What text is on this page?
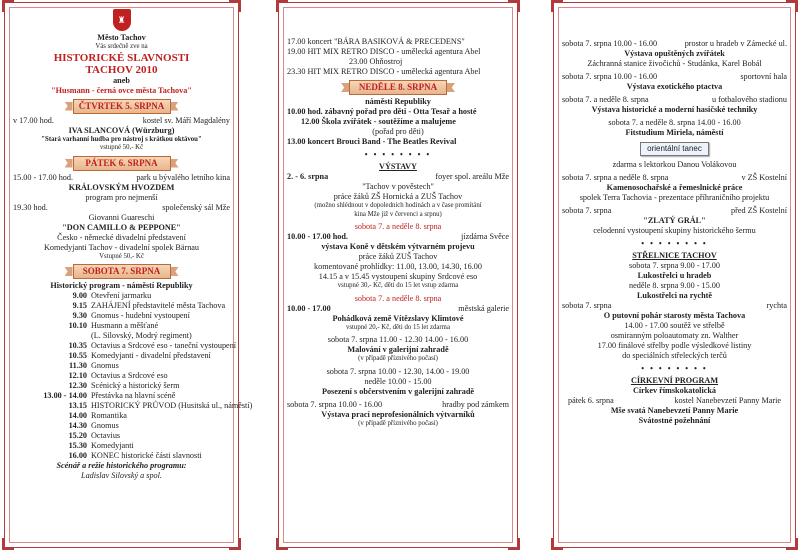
♜
Město Tachov
Vás srdečně zve na
HISTORICKÉ SLAVNOSTI
TACHOV 2010
aneb
"Husmann - černá ovce města Tachova"
ČTVRTEK 5. SRPNA
v 17.00 hod.	kostel sv. Máří Magdalény
IVA SLANCOVÁ (Würzburg)
"Stará varhanní hudba pro nástroj s krátkou oktávou"
vstupné 50,- Kč
PÁTEK 6. SRPNA
15.00 - 17.00 hod.	park u bývalého letního kina
KRÁLOVSKÝM HVOZDEM
program pro nejmenší
19.30 hod.	společenský sál Mže
Giovanni Guareschi
"DON CAMILLO & PEPPONE"
Česko - německé divadelní představení
Komedyjanti Tachov - divadelní spolek Bärnau
Vstupné 50,- Kč
SOBOTA 7. SRPNA
Historický program - náměstí Republiky
9.00 Otevření jarmarku
9.15 ZAHÁJENÍ představitelé města Tachova
9.30 Gnomus - hudební vystoupení
10.10 Husmann a měšťané
(L. Silovský, Modrý regiment)
10.35 Octavius a Srdcové eso - taneční vystoupení
10.55 Komedyjanti - divadelní představení
11.30 Gnomus
12.10 Octavius a Srdcové eso
12.30 Scénický a historický šerm
13.00 - 14.00 Přestávka na hlavní scéně
13.15 HISTORICKÝ PRŮVOD (Husitská ul., náměstí)
14.00 Romantika
14.30 Gnomus
15.20 Octavius
15.30 Komedyjanti
16.00 KONEC historické části slavnosti
Scénář a režie historického programu:
Ladislav Silovský a spol.
17.00 koncert "BÁRA BASIKOVÁ & PRECEDENS"
19.00 HIT MIX RETRO DISCO - umělecká agentura Abel
23.00 Ohňostroj
23.30 HIT MIX RETRO DISCO - umělecká agentura Abel
NEDĚLE 8. SRPNA
náměstí Republiky
10.00 hod. zábavný pořad pro děti - Otta Tesař a hosté
12.00 Škola zvířátek - soutěžíme a malujeme
(pořad pro děti)
13.00 koncert Brouci Band - The Beatles Revival
• • • • • • • •
VÝSTAVY
2. - 6. srpna	foyer spol. areálu Mže
"Tachov v pověstech"
práce žáků ZŠ Hornická a ZUŠ Tachov
(možno shlédnout v dopoledních hodinách a v čase promítání
kina Mže již v červenci a srpnu)
sobota 7. a neděle 8. srpna
10.00 - 17.00 hod.	jízdárna Svěce
výstava Koně v dětském výtvarném projevu
práce žáků ZUŠ Tachov
komentované prohlídky: 11.00, 13.00, 14.30, 16.00
14.15 a v 15.45 vystoupení skupiny Srdcové eso
vstupné 30,- Kč, děti do 15 let vstup zdarma
sobota 7. a neděle 8. srpna
10.00 - 17.00	městská galerie
Pohádková země Vítězslavy Klimtové
vstupné 20,- Kč, děti do 15 let zdarma
sobota 7. srpna 11.00 - 12.30 14.00 - 16.00
Malování v galerijní zahradě
(v případě příznivého počasí)
sobota 7. srpna 10.00 - 12.30, 14.00 - 19.00
neděle 10.00 - 15.00
Posezení s občerstvením v galerijní zahradě
sobota 7. srpna 10.00 - 16.00	hradby pod zámkem
Výstava prací neprofesionálních výtvarníků
(v případě příznivého počasí)
sobota 7. srpna 10.00 - 16.00	prostor u hradeb v Zámecké ul.
Výstava opuštěných zvířátek
Záchranná stanice živočichů - Studánka, Karel Bobál
sobota 7. srpna 10.00 - 16.00	sportovní hala
Výstava exotického ptactva
sobota 7. a neděle 8. srpna	u fotbalového stadionu
Výstava historické a moderní hasičské techniky
sobota 7. a neděle 8. srpna 14.00 - 16.00
Fitstudium Miriela, náměstí
orientální tanec
zdarma s lektorkou Danou Volákovou
sobota 7. srpna a neděle 8. srpna	v ZŠ Kostelní
Kamenosochařské a řemeslnické práce
spolek Terra Tachovia - prezentace příhraničního projektu
sobota 7. srpna	před ZŠ Kostelní
"ZLATÝ GRÁL"
celodenní vystoupení skupiny historického šermu
• • • • • • • •
STŘELNICE TACHOV
sobota 7. srpna 9.00 - 17.00
Lukostřelci u hradeb
neděle 8. srpna 9.00 - 15.00
Lukostřelci na rychtě
sobota 7. srpna	rychta
O putovní pohár starosty města Tachova
14.00 - 17.00 soutěž ve střelbě
osmiranným poloautomaty zn. Walther
17.00 finálové střelby podle výsledkové listiny
do speciálních střeleckých terčů
• • • • • • • •
CÍRKEVNÍ PROGRAM
Církev římskokatolická
pátek 6. srpna	kostel Nanebevzetí Panny Marie
Mše svatá Nanebevzetí Panny Marie
Svátostné požehnání
